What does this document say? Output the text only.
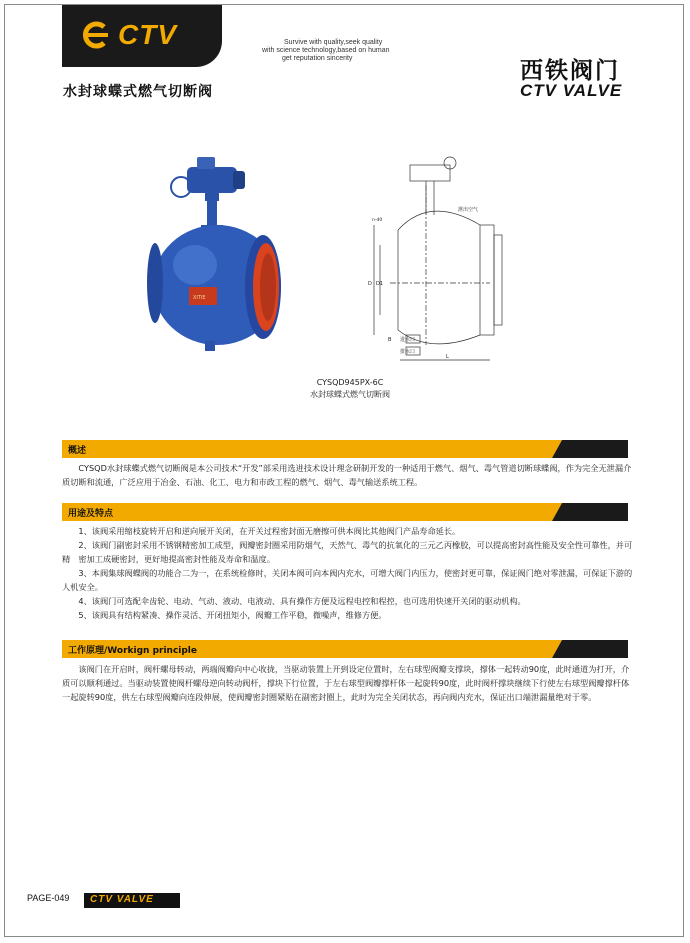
CTV	Survive with quality,seek quality
with science technology,based on human
get reputation sincerity	西铁阀门
CTV VALVE
水封球蝶式燃气切断阀
XITIE
泄出空气
n-d0
D D1
B 进水口
排水口
L
CYSQD945PX-6C
水封球蝶式燃气切断阀
概述

CYSQD水封球蝶式燃气切断阀是本公司技术“开发”部采用选进技术设计理念研制开发的一种适用于燃气、烟气、毒气管道切断球蝶阀，作为完全无泄漏介质切断和流通，广泛应用于冶金、石油、化工、电力和市政工程的燃气、烟气、毒气输送系统工程。

用途及特点

1、该阀采用缩枝旋转开启和逆向展开关闭，在开关过程密封面无磨擦可供本阀比其他阀门产品寿命延长。

2、该阀门副密封采用不锈钢精密加工成型，阀瓣密封圈采用防烟气，天然气、毒气的抗氧化的三元乙丙橡胶，可以提高密封高性能及安全性可靠性，并可精　密加工成硬密封，更好地提高密封性能及寿命和温度。

3、本阀集球阀蝶阀的功能合二为一，在系统检修时，关闭本阀可向本阀内充水，可增大阀门内压力，使密封更可靠，保证阀门绝对零泄漏，可保证下游的人机安全。

4、该阀门可选配伞齿轮、电动、气动、液动、电液动、具有操作方便及远程电控和程控，也可选用快速开关闭的驱动机构。

5、该阀具有结构紧凑、操作灵活、开闭扭矩小，阀瓣工作平稳，微噪声，维修方便。

工作原理/Workign principle

该阀门在开启时，阀杆螺母转动，两端阀瓣向中心收拢，当驱动装置上开到设定位置时，左右球型阀瓣支撑块，撑体一起转动90度，此时通道为打开，介质可以顺利通过。当驱动装置使阀杆螺母逆向转动阀杆，撑块下行位置，于左右球型阀瓣撑杆体一起旋转90度，此时阀杆撑块继续下行使左右球型阀瓣撑杆体一起旋转90度，供左右球型阀瓣向连段伸展，使阀瓣密封圈紧贴在副密封圈上，此时为完全关闭状态，再向阀内充水，保证出口端泄漏量绝对于零。

PAGE-049 CTV VALVE
